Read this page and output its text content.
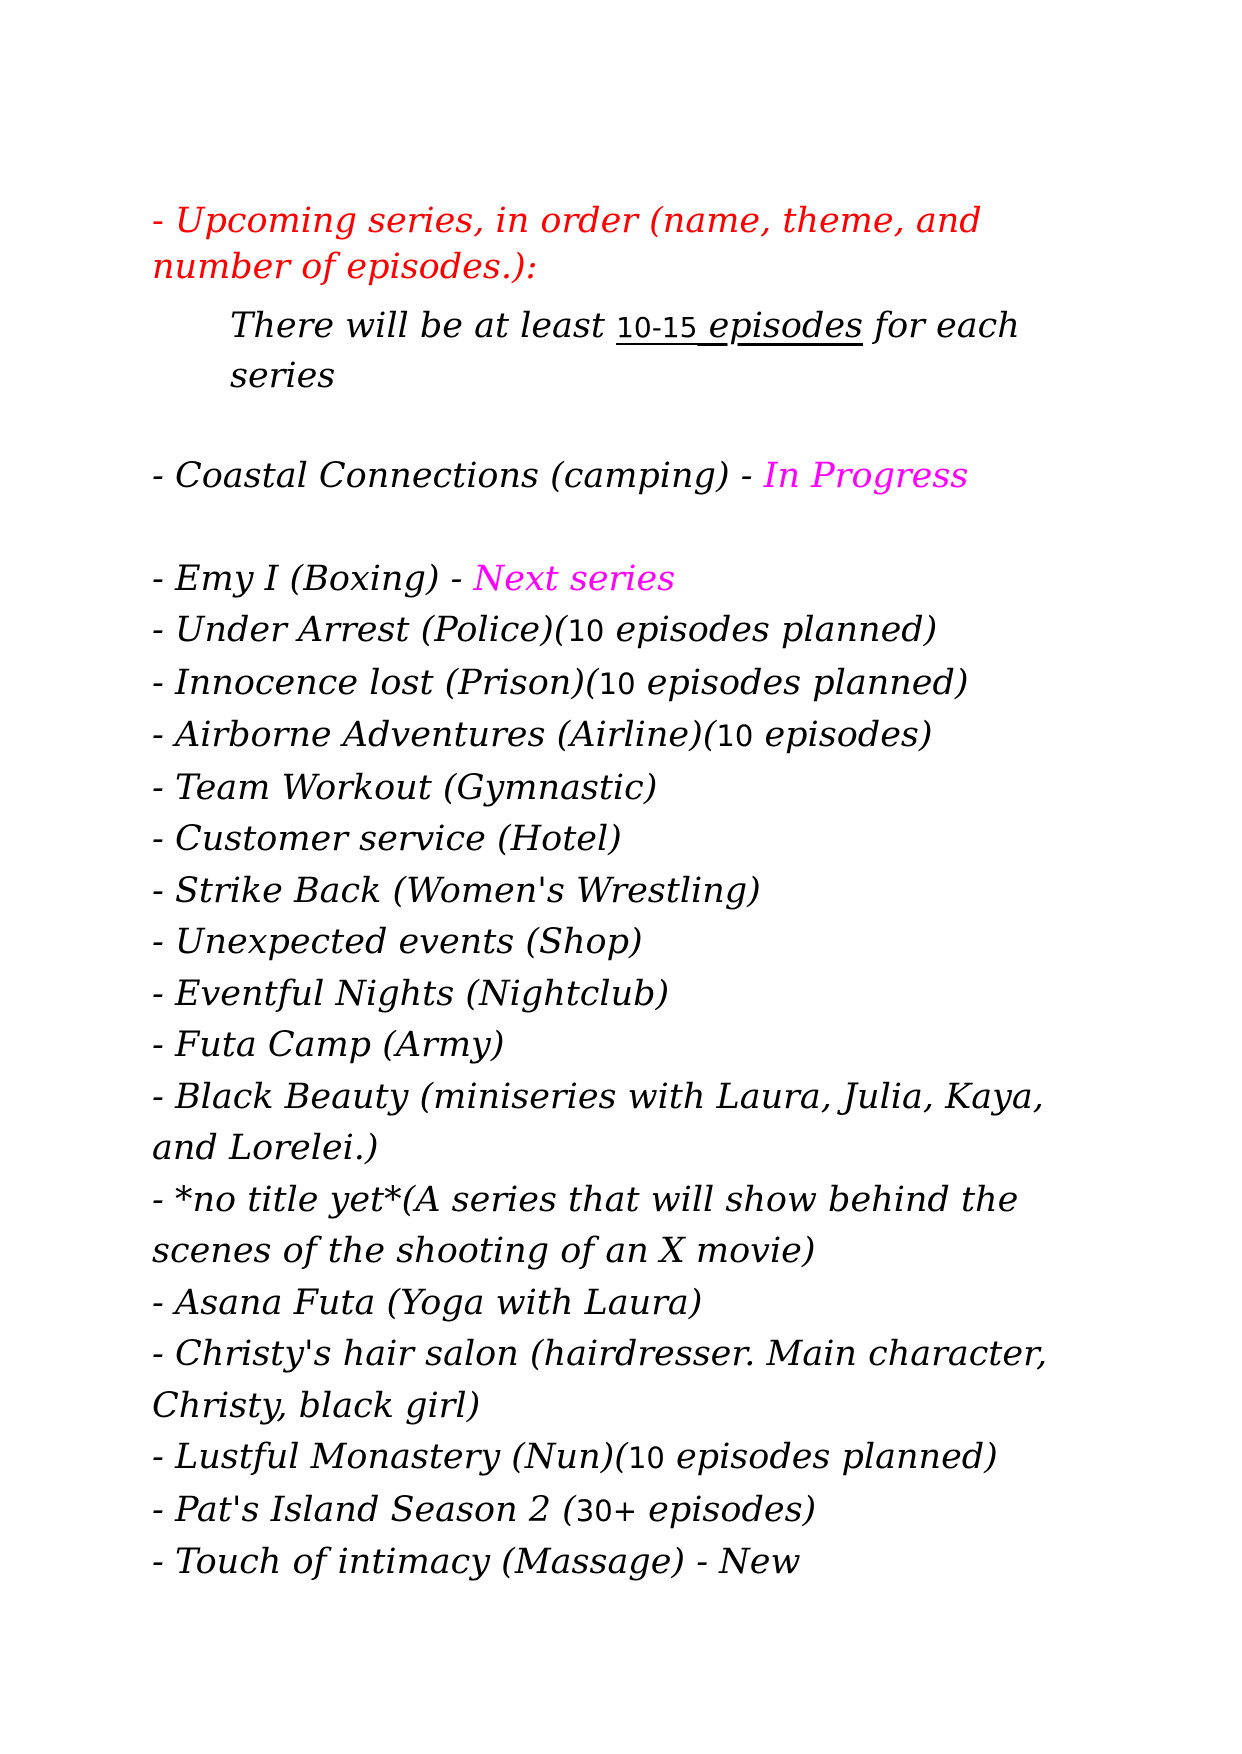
- Upcoming series, in order (name, theme, and number of episodes.):

There will be at least 10-15 episodes for each series

- Coastal Connections (camping) - In Progress

- Emy I (Boxing) - Next series

- Under Arrest (Police)(10 episodes planned)

- Innocence lost (Prison)(10 episodes planned)

- Airborne Adventures (Airline)(10 episodes)

- Team Workout (Gymnastic)

- Customer service (Hotel)

- Strike Back (Women's Wrestling)

- Unexpected events (Shop)

- Eventful Nights (Nightclub)

- Futa Camp (Army)

- Black Beauty (miniseries with Laura, Julia, Kaya, and Lorelei.)

- *no title yet*(A series that will show behind the scenes of the shooting of an X movie)

- Asana Futa (Yoga with Laura)

- Christy's hair salon (hairdresser. Main character, Christy, black girl)

- Lustful Monastery (Nun)(10 episodes planned)

- Pat's Island Season 2 (30+ episodes)

- Touch of intimacy (Massage) - New
